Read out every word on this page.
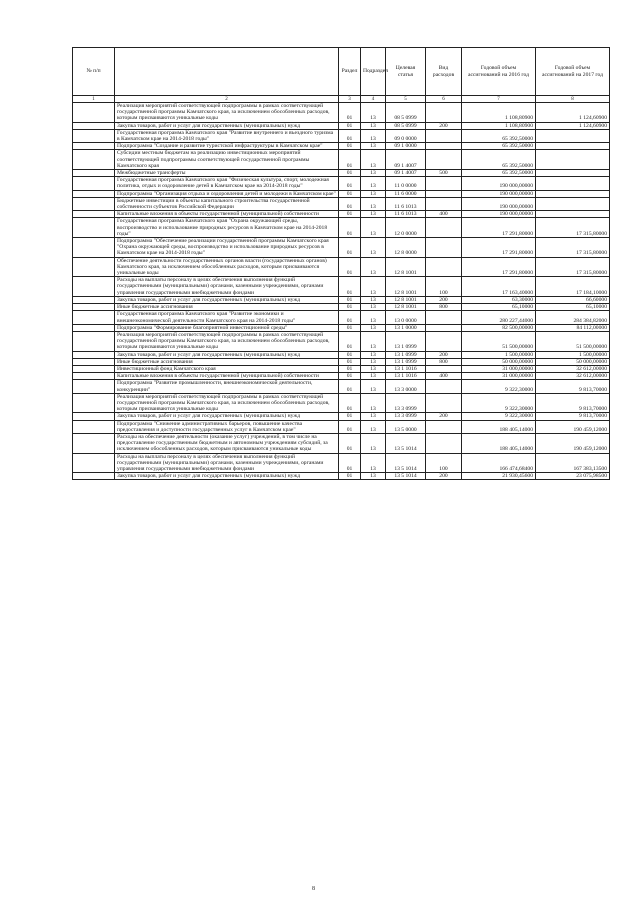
№ п/п		Раздел	Подраздел	Целевая статья	Вид расходов	Годовой объем ассигнований на 2016 год	Годовой объем ассигнований на 2017 год
1	2	3	4	5	6	7	8
	Реализация мероприятий соответствующей подпрограммы в рамках соответствующей государственной программы Камчатского края, за исключением обособленных расходов, которым присваиваются уникальные коды	01	13	08 5 0999		1 108,80900	1 124,60900
	Закупка товаров, работ и услуг для государственных (муниципальных) нужд	01	13	08 5 0999	200	1 108,80900	1 124,60900
	Государственная программа Камчатского края "Развитие внутреннего и въездного туризма в Камчатском крае на 2014-2018 годы"	01	13	09 0 0000		65 392,50000	
	Подпрограмма "Создание и развитие туристской инфраструктуры в Камчатском крае"	01	13	09 1 0000		65 392,50000	
	Субсидии местным бюджетам на реализацию инвестиционных мероприятий соответствующей подпрограммы соответствующей государственной программы Камчатского края	01	13	09 1 4007		65 392,50000	
	Межбюджетные трансферты	01	13	09 1 4007	500	65 392,50000	
	Государственная программа Камчатского края "Физическая культура, спорт, молодежная политика, отдых и оздоровление детей в Камчатском крае на 2014-2018 годы"	01	13	11 0 0000		190 000,00000	
	Подпрограмма "Организация отдыха и оздоровления детей и молодежи в Камчатском крае"	01	13	11 6 0000		190 000,00000	
	Бюджетные инвестиции в объекты капитального строительства государственной собственности субъектов Российской Федерации	01	13	11 6 1013		190 000,00000	
	Капитальные вложения в объекты государственной (муниципальной) собственности	01	13	11 6 1013	400	190 000,00000	
	Государственная программа Камчатского края "Охрана окружающей среды, воспроизводство и использование природных ресурсов в Камчатском крае на 2014-2018 годы"	01	13	12 0 0000		17 291,80000	17 315,80000
	Подпрограмма "Обеспечение реализации государственной программы Камчатского края "Охрана окружающей среды, воспроизводство и использование природных ресурсов в Камчатском крае на 2014-2018 годы"	01	13	12 8 0000		17 291,80000	17 315,80000
	Обеспечение деятельности государственных органов власти (государственных органов) Камчатского края, за исключением обособленных расходов, которым присваиваются уникальные коды	01	13	12 8 1001		17 291,80000	17 315,80000
	Расходы на выплаты персоналу в целях обеспечения выполнения функций государственными (муниципальными) органами, казенными учреждениями, органами управления государственными внебюджетными фондами	01	13	12 8 1001	100	17 163,40000	17 184,10000
	Закупка товаров, работ и услуг для государственных (муниципальных) нужд	01	13	12 8 1001	200	63,30000	66,60000
	Иные бюджетные ассигнования	01	13	12 8 1001	800	65,10000	65,10000
	Государственная программа Камчатского края "Развитие экономики и внешнеэкономической деятельности Камчатского края на 2014-2018 годы"	01	13	13 0 0000		280 227,44000	284 384,82000
	Подпрограмма "Формирование благоприятной инвестиционной среды"	01	13	13 1 0000		82 500,00000	84 112,00000
	Реализация мероприятий соответствующей подпрограммы в рамках соответствующей государственной программы Камчатского края, за исключением обособленных расходов, которым присваиваются уникальные коды	01	13	13 1 0999		51 500,00000	51 500,00000
	Закупка товаров, работ и услуг для государственных (муниципальных) нужд	01	13	13 1 0999	200	1 500,00000	1 500,00000
	Иные бюджетные ассигнования	01	13	13 1 0999	800	50 000,00000	50 000,00000
	Инвестиционный фонд Камчатского края	01	13	13 1 1016		31 000,00000	32 612,00000
	Капитальные вложения в объекты государственной (муниципальной) собственности	01	13	13 1 1016	400	31 000,00000	32 612,00000
	Подпрограмма "Развитие промышленности, внешнеэкономической деятельности, конкуренции"	01	13	13 3 0000		9 322,30000	9 813,70000
	Реализация мероприятий соответствующей подпрограммы в рамках соответствующей государственной программы Камчатского края, за исключением обособленных расходов, которым присваиваются уникальные коды	01	13	13 3 0999		9 322,30000	9 813,70000
	Закупка товаров, работ и услуг для государственных (муниципальных) нужд	01	13	13 3 0999	200	9 322,30000	9 813,70000
	Подпрограмма "Снижение административных барьеров, повышение качества предоставления и доступности государственных услуг в Камчатском крае"	01	13	13 5 0000		188 405,14000	190 459,12000
	Расходы на обеспечение деятельности (оказание услуг) учреждений, в том числе на предоставление государственным бюджетным и автономным учреждениям субсидий, за исключением обособленных расходов, которым присваиваются уникальные коды	01	13	13 5 1014		188 405,14000	190 459,12000
	Расходы на выплаты персоналу в целях обеспечения выполнения функций государственными (муниципальными) органами, казенными учреждениями, органами управления государственными внебюджетными фондами	01	13	13 5 1014	100	166 474,68400	167 383,13500
	Закупка товаров, работ и услуг для государственных (муниципальных) нужд	01	13	13 5 1014	200	21 930,45600	23 075,98500
8
